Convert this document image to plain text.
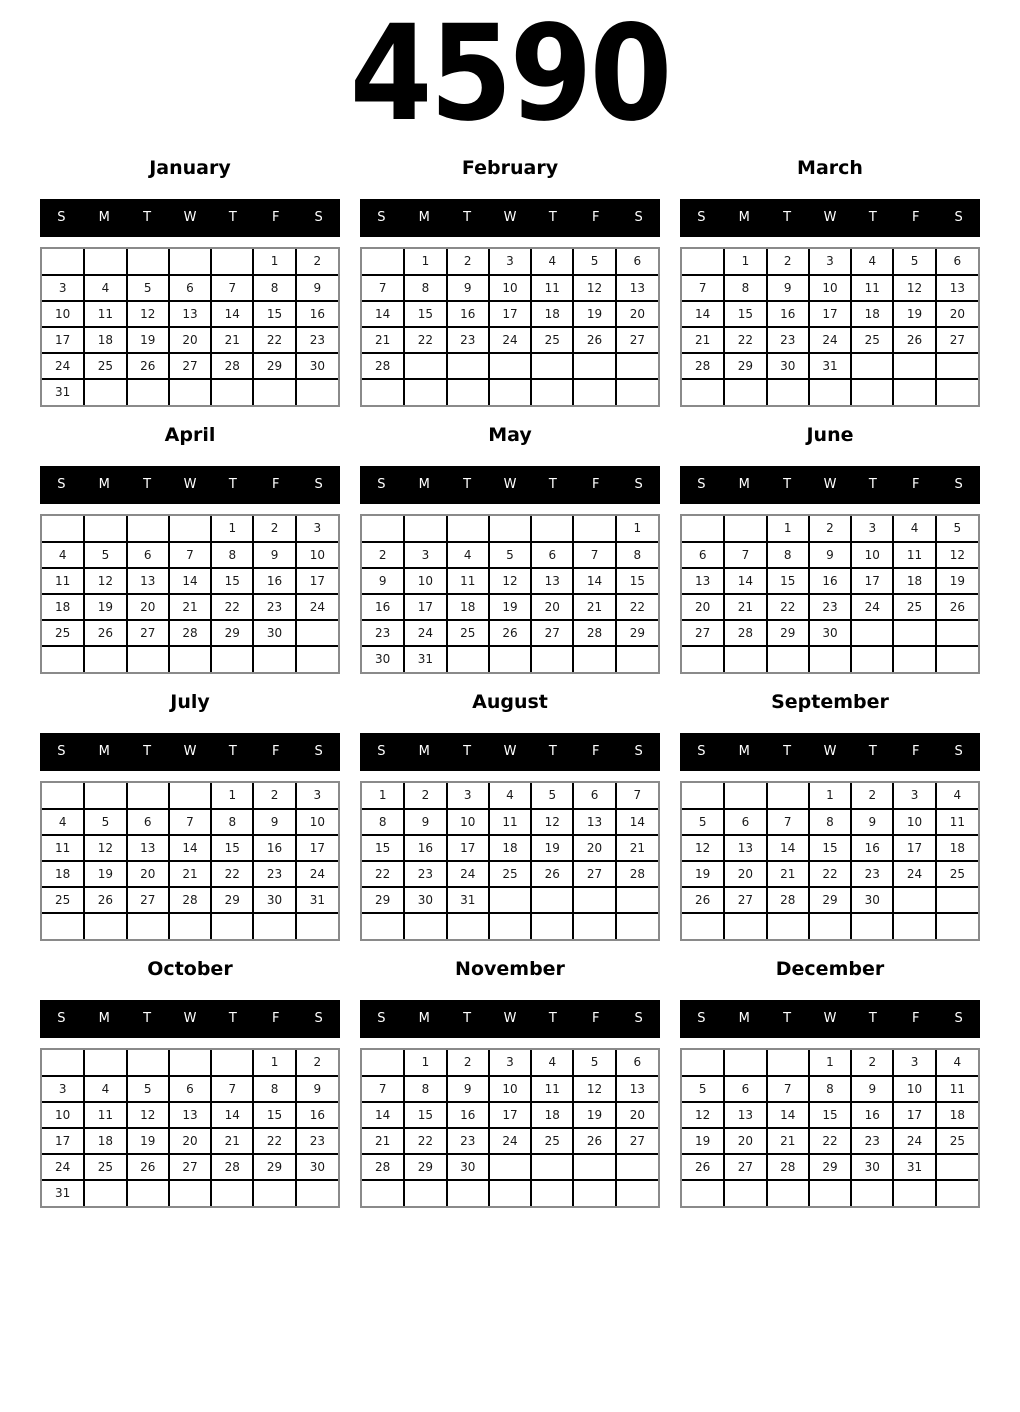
4590
January
S	M	T	W	T	F	S
					1	2
3	4	5	6	7	8	9
10	11	12	13	14	15	16
17	18	19	20	21	22	23
24	25	26	27	28	29	30
31						
February
S	M	T	W	T	F	S
	1	2	3	4	5	6
7	8	9	10	11	12	13
14	15	16	17	18	19	20
21	22	23	24	25	26	27
28						

March
S	M	T	W	T	F	S
	1	2	3	4	5	6
7	8	9	10	11	12	13
14	15	16	17	18	19	20
21	22	23	24	25	26	27
28	29	30	31			

April
S	M	T	W	T	F	S
				1	2	3
4	5	6	7	8	9	10
11	12	13	14	15	16	17
18	19	20	21	22	23	24
25	26	27	28	29	30	

May
S	M	T	W	T	F	S
						1
2	3	4	5	6	7	8
9	10	11	12	13	14	15
16	17	18	19	20	21	22
23	24	25	26	27	28	29
30	31					
June
S	M	T	W	T	F	S
		1	2	3	4	5
6	7	8	9	10	11	12
13	14	15	16	17	18	19
20	21	22	23	24	25	26
27	28	29	30			

July
S	M	T	W	T	F	S
				1	2	3
4	5	6	7	8	9	10
11	12	13	14	15	16	17
18	19	20	21	22	23	24
25	26	27	28	29	30	31

August
S	M	T	W	T	F	S
1	2	3	4	5	6	7
8	9	10	11	12	13	14
15	16	17	18	19	20	21
22	23	24	25	26	27	28
29	30	31				

September
S	M	T	W	T	F	S
			1	2	3	4
5	6	7	8	9	10	11
12	13	14	15	16	17	18
19	20	21	22	23	24	25
26	27	28	29	30		

October
S	M	T	W	T	F	S
					1	2
3	4	5	6	7	8	9
10	11	12	13	14	15	16
17	18	19	20	21	22	23
24	25	26	27	28	29	30
31						
November
S	M	T	W	T	F	S
	1	2	3	4	5	6
7	8	9	10	11	12	13
14	15	16	17	18	19	20
21	22	23	24	25	26	27
28	29	30				

December
S	M	T	W	T	F	S
			1	2	3	4
5	6	7	8	9	10	11
12	13	14	15	16	17	18
19	20	21	22	23	24	25
26	27	28	29	30	31	
